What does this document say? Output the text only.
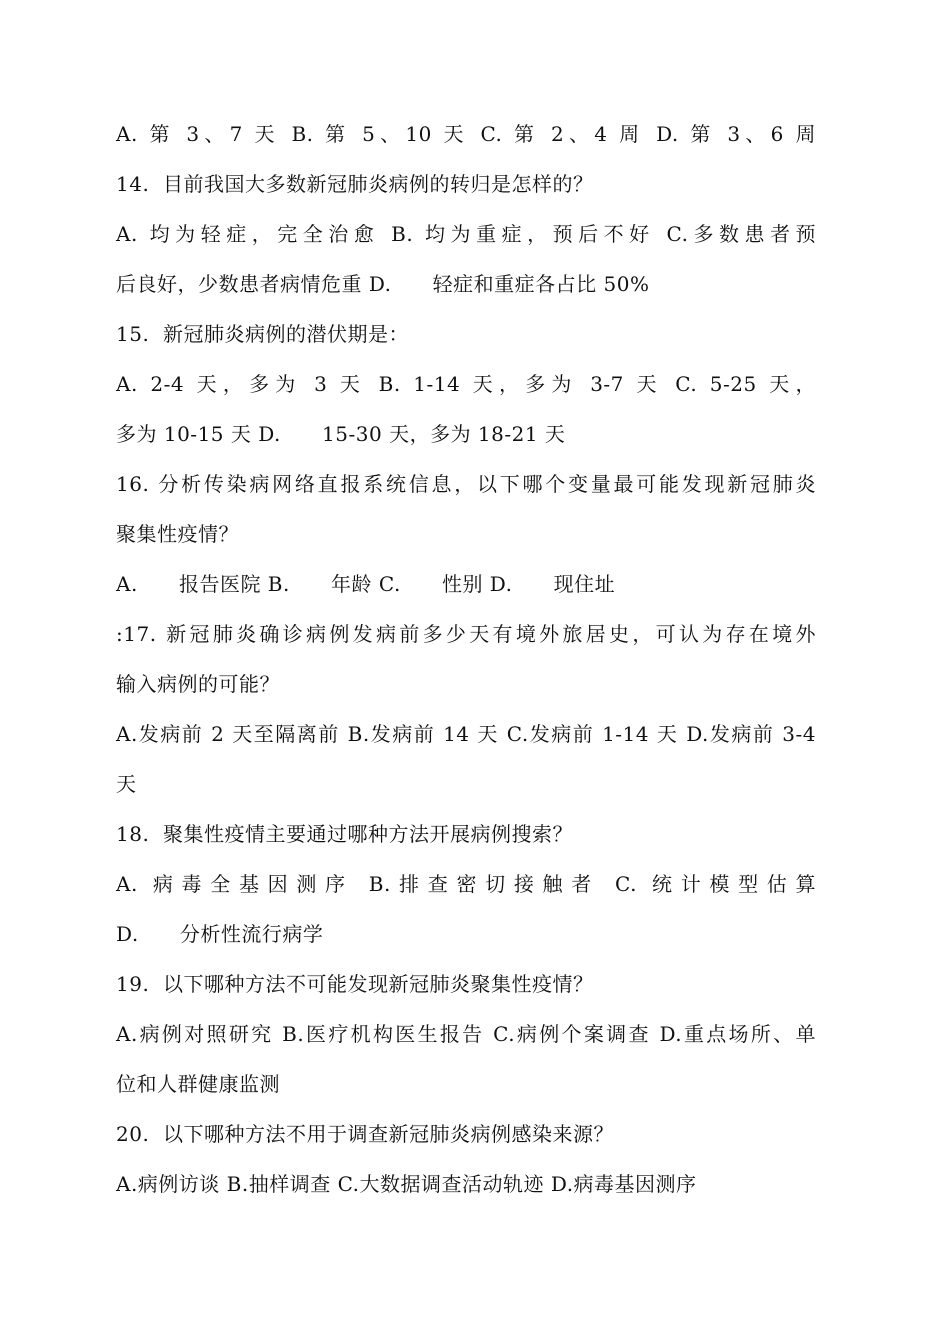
A. 第 3、7 天 B. 第 5、10 天 C. 第 2、4 周 D. 第 3、6 周
14.  目前我国大多数新冠肺炎病例的转归是怎样的？
A. 均为轻症，完全治愈 B. 均为重症，预后不好 C.多数患者预
后良好，少数患者病情危重 D.      轻症和重症各占比 50%
15.  新冠肺炎病例的潜伏期是：
A. 2-4 天，多为 3 天 B. 1-14 天，多为 3-7 天 C. 5-25 天，
多为 10-15 天 D.      15-30 天，多为 18-21 天
16. 分析传染病网络直报系统信息，以下哪个变量最可能发现新冠肺炎
聚集性疫情？
A.      报告医院 B.      年龄 C.      性别 D.      现住址
:17. 新冠肺炎确诊病例发病前多少天有境外旅居史，可认为存在境外
输入病例的可能？
A.发病前 2 天至隔离前 B.发病前 14 天 C.发病前 1-14 天 D.发病前 3-4
天
18.  聚集性疫情主要通过哪种方法开展病例搜索？
A. 病毒全基因测序 B.排查密切接触者 C. 统计模型估算
D.      分析性流行病学
19.  以下哪种方法不可能发现新冠肺炎聚集性疫情？
A.病例对照研究 B.医疗机构医生报告 C.病例个案调查 D.重点场所、单
位和人群健康监测
20.  以下哪种方法不用于调查新冠肺炎病例感染来源？
A.病例访谈 B.抽样调查 C.大数据调查活动轨迹 D.病毒基因测序
